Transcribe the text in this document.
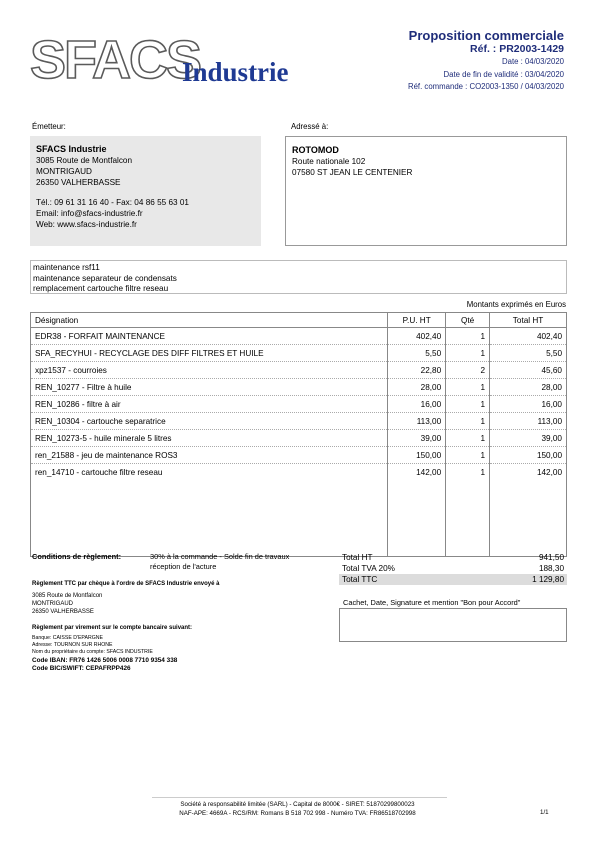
SFACS
Industrie
Proposition commerciale
Réf. : PR2003-1429
Date : 04/03/2020
Date de fin de validité : 03/04/2020
Réf. commande : CO2003-1350 / 04/03/2020
Émetteur:
SFACS Industrie
3085 Route de Montfalcon
MONTRIGAUD
26350 VALHERBASSE
Tél.: 09 61 31 16 40 - Fax: 04 86 55 63 01
Email: info@sfacs-industrie.fr
Web: www.sfacs-industrie.fr
Adressé à:
ROTOMOD
Route nationale 102
07580 ST JEAN LE CENTENIER
maintenance rsf11
maintenance separateur de condensats
remplacement cartouche filtre reseau
Montants exprimés en Euros
Désignation	P.U. HT	Qté	Total HT
EDR38 - FORFAIT MAINTENANCE	402,40	1	402,40
SFA_RECYHUI - RECYCLAGE DES DIFF FILTRES ET HUILE	5,50	1	5,50
xpz1537 - courroies	22,80	2	45,60
REN_10277 - Filtre à huile	28,00	1	28,00
REN_10286 - filtre à air	16,00	1	16,00
REN_10304 - cartouche separatrice	113,00	1	113,00
REN_10273-5 - huile minerale 5 litres	39,00	1	39,00
ren_21588 - jeu de maintenance ROS3	150,00	1	150,00
ren_14710 - cartouche filtre reseau	142,00	1	142,00

Conditions de règlement:	30% à la commande - Solde fin de travaux réception de l'acture
Règlement TTC par chèque à l'ordre de SFACS Industrie envoyé à
3085 Route de Montfalcon
MONTRIGAUD
26350 VALHERBASSE
Règlement par virement sur le compte bancaire suivant:
Banque: CAISSE D'EPARGNE
Adresse: TOURNON SUR RHONE
Nom du propriétaire du compte: SFACS INDUSTRIE
Code IBAN: FR76 1426 5006 0008 7710 9354 338
Code BIC/SWIFT: CEPAFRPP426
Total HT	941,50
Total TVA 20%	188,30
Total TTC	1 129,80
Cachet, Date, Signature et mention "Bon pour Accord"
Société à responsabilité limitée (SARL) - Capital de 8000€ - SIRET: 51870299800023
NAF-APE: 4669A - RCS/RM: Romans B 518 702 998 - Numéro TVA: FR86518702998	1/1
